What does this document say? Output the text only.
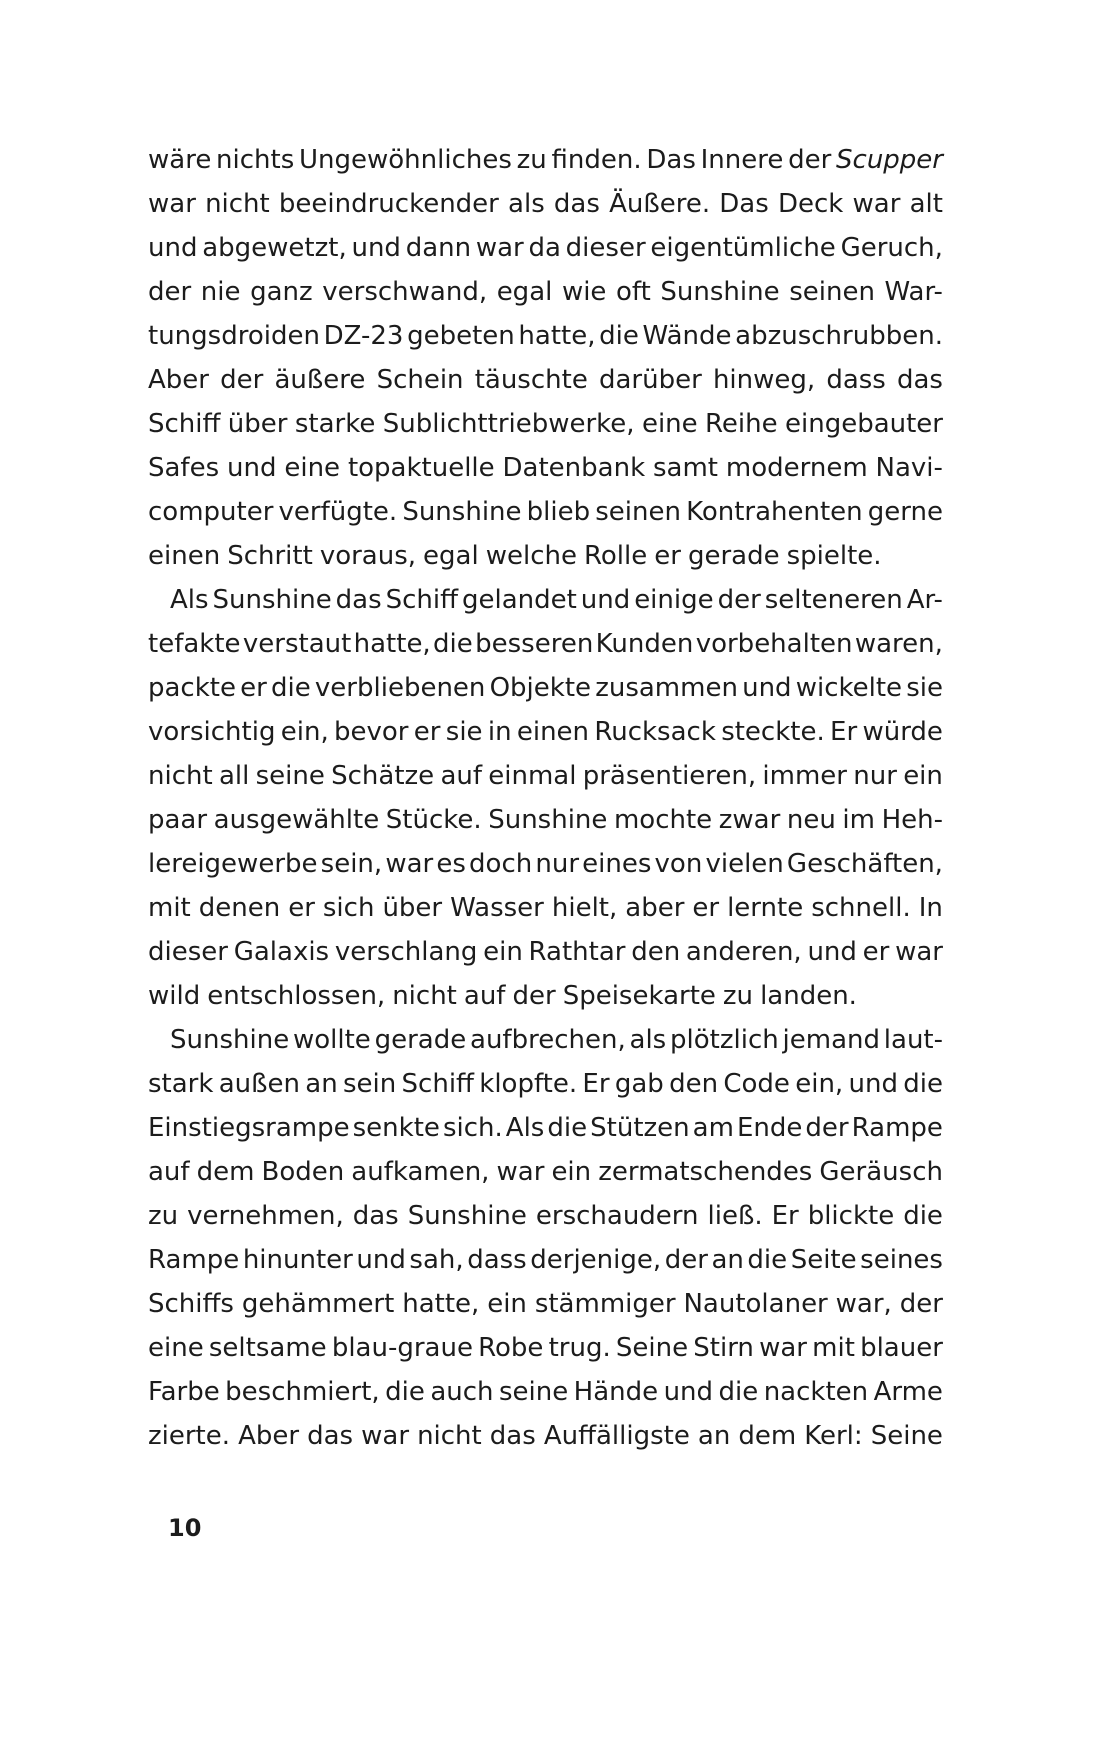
wäre nichts Ungewöhnliches zu finden. Das Innere der Scupper
war nicht beeindruckender als das Äußere. Das Deck war alt
und abgewetzt, und dann war da dieser eigentümliche Geruch,
der nie ganz verschwand, egal wie oft Sunshine seinen War-
tungsdroiden DZ-23 gebeten hatte, die Wände abzuschrubben.
Aber der äußere Schein täuschte darüber hinweg, dass das
Schiff über starke Sublichttriebwerke, eine Reihe eingebauter
Safes und eine topaktuelle Datenbank samt modernem Navi-
computer verfügte. Sunshine blieb seinen Kontrahenten gerne
einen Schritt voraus, egal welche Rolle er gerade spielte.
Als Sunshine das Schiff gelandet und einige der selteneren Ar-
tefakte verstaut hatte, die besseren Kunden vorbehalten waren,
packte er die verbliebenen Objekte zusammen und wickelte sie
vorsichtig ein, bevor er sie in einen Rucksack steckte. Er würde
nicht all seine Schätze auf einmal präsentieren, immer nur ein
paar ausgewählte Stücke. Sunshine mochte zwar neu im Heh-
lereigewerbe sein, war es doch nur eines von vielen Geschäften,
mit denen er sich über Wasser hielt, aber er lernte schnell. In
dieser Galaxis verschlang ein Rathtar den anderen, und er war
wild entschlossen, nicht auf der Speisekarte zu landen.
Sunshine wollte gerade aufbrechen, als plötzlich jemand laut-
stark außen an sein Schiff klopfte. Er gab den Code ein, und die
Einstiegsrampe senkte sich. Als die Stützen am Ende der Rampe
auf dem Boden aufkamen, war ein zermatschendes Geräusch
zu vernehmen, das Sunshine erschaudern ließ. Er blickte die
Rampe hinunter und sah, dass derjenige, der an die Seite seines
Schiffs gehämmert hatte, ein stämmiger Nautolaner war, der
eine seltsame blau-graue Robe trug. Seine Stirn war mit blauer
Farbe beschmiert, die auch seine Hände und die nackten Arme
zierte. Aber das war nicht das Auffälligste an dem Kerl: Seine
10
